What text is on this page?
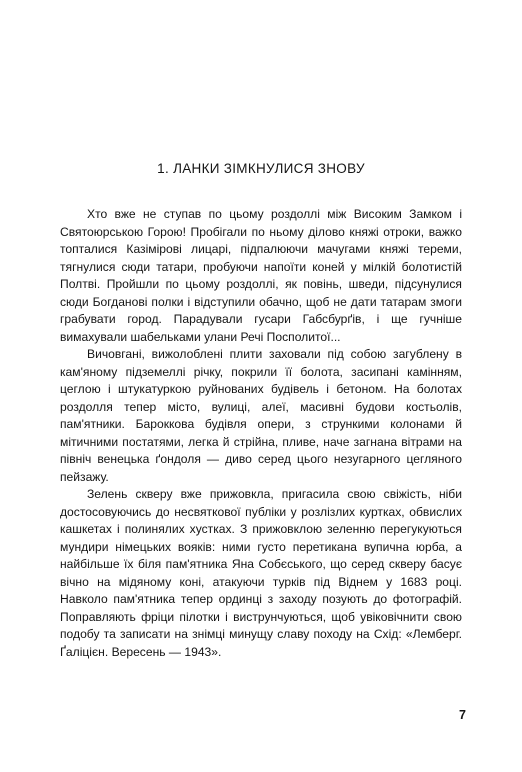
1. ЛАНКИ ЗІМКНУЛИСЯ ЗНОВУ

Хто вже не ступав по цьому роздоллі між Високим Замком і Святоюрською Горою! Пробігали по ньому ділово княжі отроки, важко топталися Казімірові лицарі, підпалюючи мачугами княжі тереми, тягнулися сюди татари, пробуючи напоїти коней у мілкій болотистій Полтві. Пройшли по цьому роздоллі, як повінь, шведи, підсунулися сюди Богданові полки і відступили обачно, щоб не дати татарам змоги грабувати город. Парадували гусари Габсбурґів, і ще гучніше вимахували шабельками улани Речі Посполитої...

Вичовгані, вижолоблені плити заховали під собою загублену в кам'яному підземеллі річку, покрили її болота, засипані камінням, цеглою і штукатуркою руйнованих будівель і бетоном. На болотах роздолля тепер місто, вулиці, алеї, масивні будови костьолів, пам'ятники. Бароккова будівля опери, з стрункими колонами й мітичними постатями, легка й стрійна, пливе, наче загнана вітрами на північ венецька ґондоля — диво серед цього незугарного цегляного пейзажу.

Зелень скверу вже прижовкла, пригасила свою свіжість, ніби достосовуючись до несвяткової публіки у розлізлих куртках, обвислих кашкетах і полинялих хустках. З прижовклою зеленню перегукуються мундири німецьких вояків: ними густо перетикана вупична юрба, а найбільше їх біля пам'ятника Яна Собєського, що серед скверу басує вічно на мідяному коні, атакуючи турків під Віднем у 1683 році. Навколо пам'ятника тепер ординці з заходу позують до фотографій. Поправляють фріци пілотки і виструнчуються, щоб увіковічнити свою подобу та записати на знімці минущу славу походу на Схід: «Лемберг. Ґаліцієн. Вересень — 1943».

7
